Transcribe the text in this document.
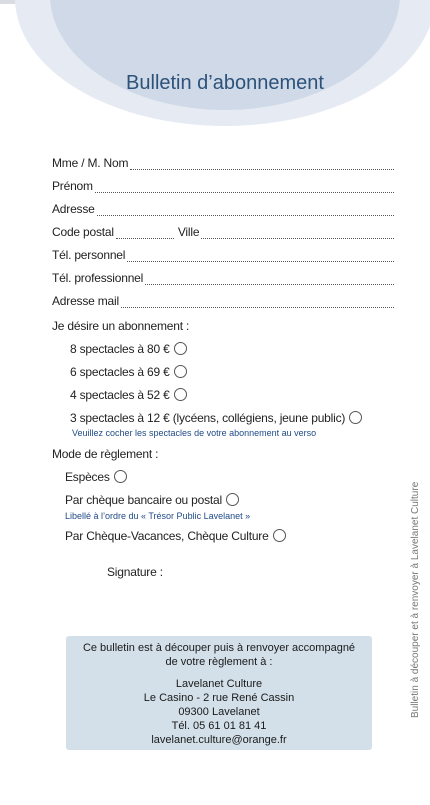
Bulletin d’abonnement
Mme / M. Nom
Prénom
Adresse
Code postal	Ville
Tél. personnel
Tél. professionnel
Adresse mail
Je désire un abonnement :
8 spectacles à 80 €
6 spectacles à 69 €
4 spectacles à 52 €
3 spectacles à 12 € (lycéens, collégiens, jeune public)
Veuillez cocher les spectacles de votre abonnement au verso
Mode de règlement :
Espèces
Par chèque bancaire ou postal
Libellé à l’ordre du « Trésor Public Lavelanet »
Par Chèque-Vacances, Chèque Culture
Signature :
Ce bulletin est à découper puis à renvoyer accompagné de votre règlement à :
Lavelanet Culture
Le Casino - 2 rue René Cassin
09300 Lavelanet
Tél. 05 61 01 81 41
lavelanet.culture@orange.fr
Bulletin à découper et à renvoyer à Lavelanet Culture
